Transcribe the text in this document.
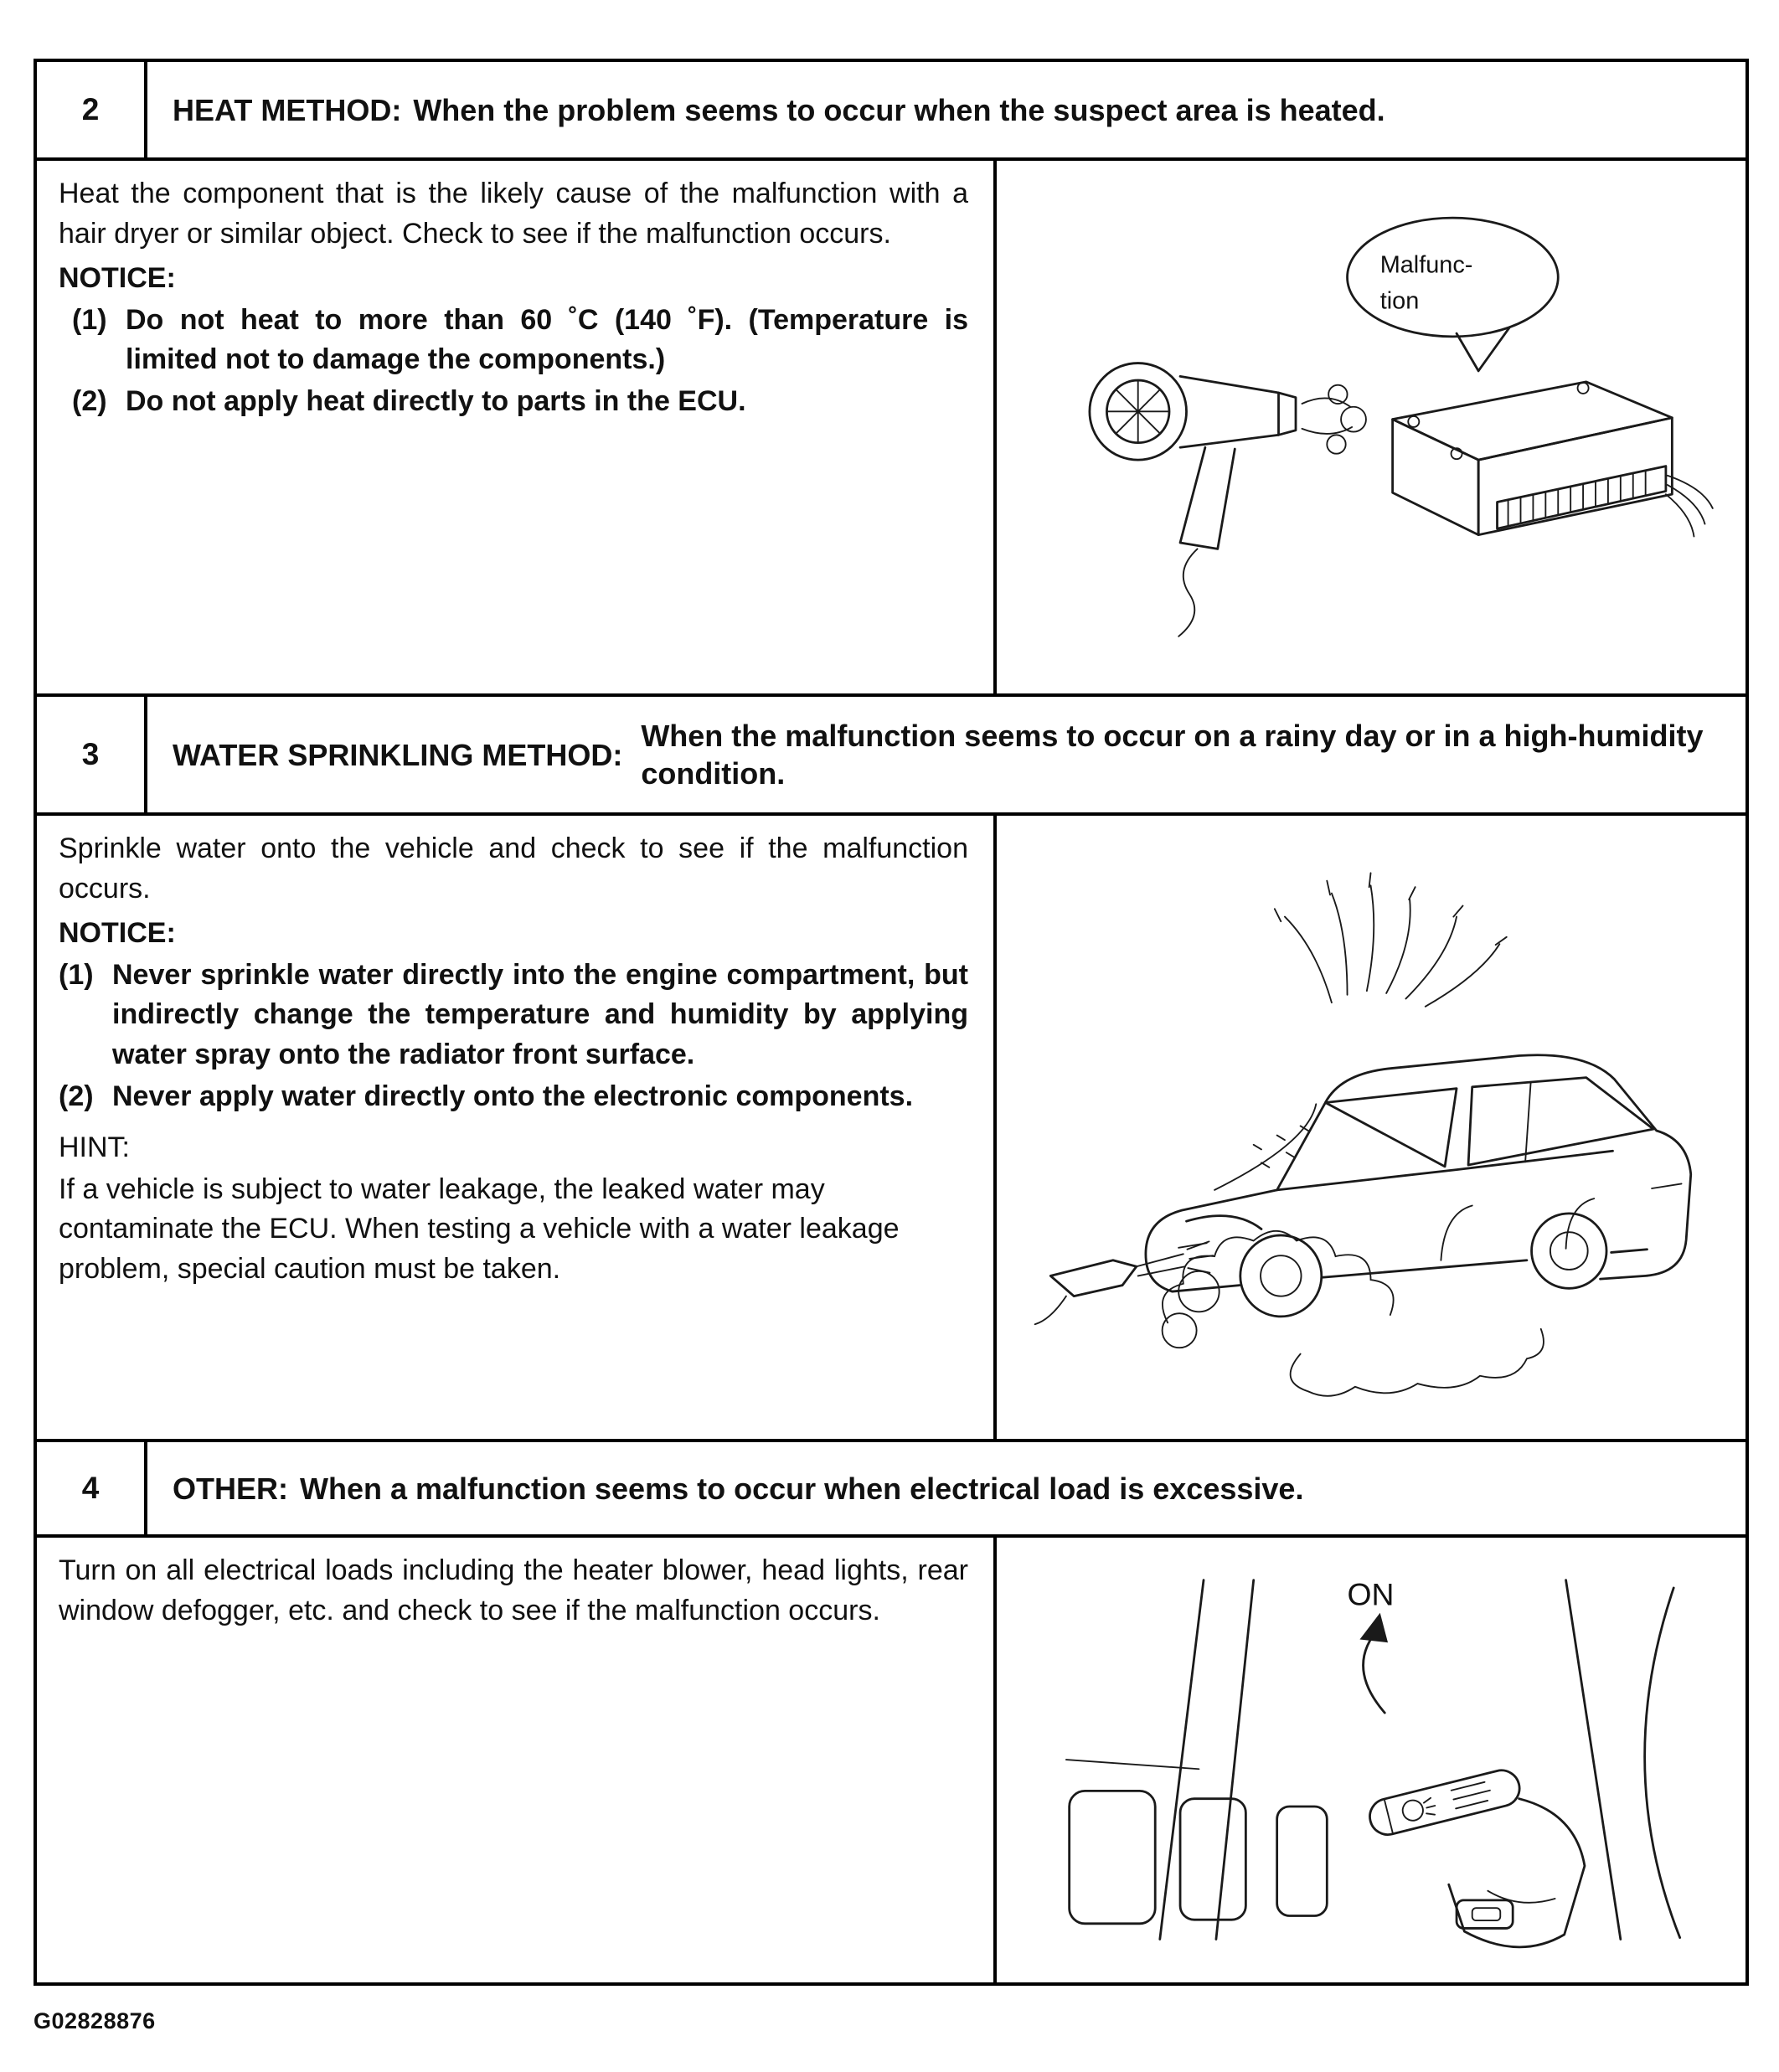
2 HEAT METHOD: When the problem seems to occur when the suspect area is heated.

Heat the component that is the likely cause of the malfunction with a hair dryer or similar object. Check to see if the malfunction occurs.

NOTICE:
(1) Do not heat to more than 60 ˚C (140 ˚F). (Temperature is limited not to damage the components.)
(2) Do not apply heat directly to parts in the ECU.
Malfunc-
tion
3 WATER SPRINKLING METHOD:
When the malfunction seems to occur on a rainy day or in a high-humidity condition.

Sprinkle water onto the vehicle and check to see if the malfunction occurs.

NOTICE:
(1) Never sprinkle water directly into the engine compartment, but indirectly change the temperature and humidity by applying water spray onto the radiator front surface.
(2) Never apply water directly onto the electronic components.
HINT:

If a vehicle is subject to water leakage, the leaked water may contaminate the ECU. When testing a vehicle with a water leakage problem, special caution must be taken.

4 OTHER: When a malfunction seems to occur when electrical load is excessive.

Turn on all electrical loads including the heater blower, head lights, rear window defogger, etc. and check to see if the malfunction occurs.	ON
G02828876
